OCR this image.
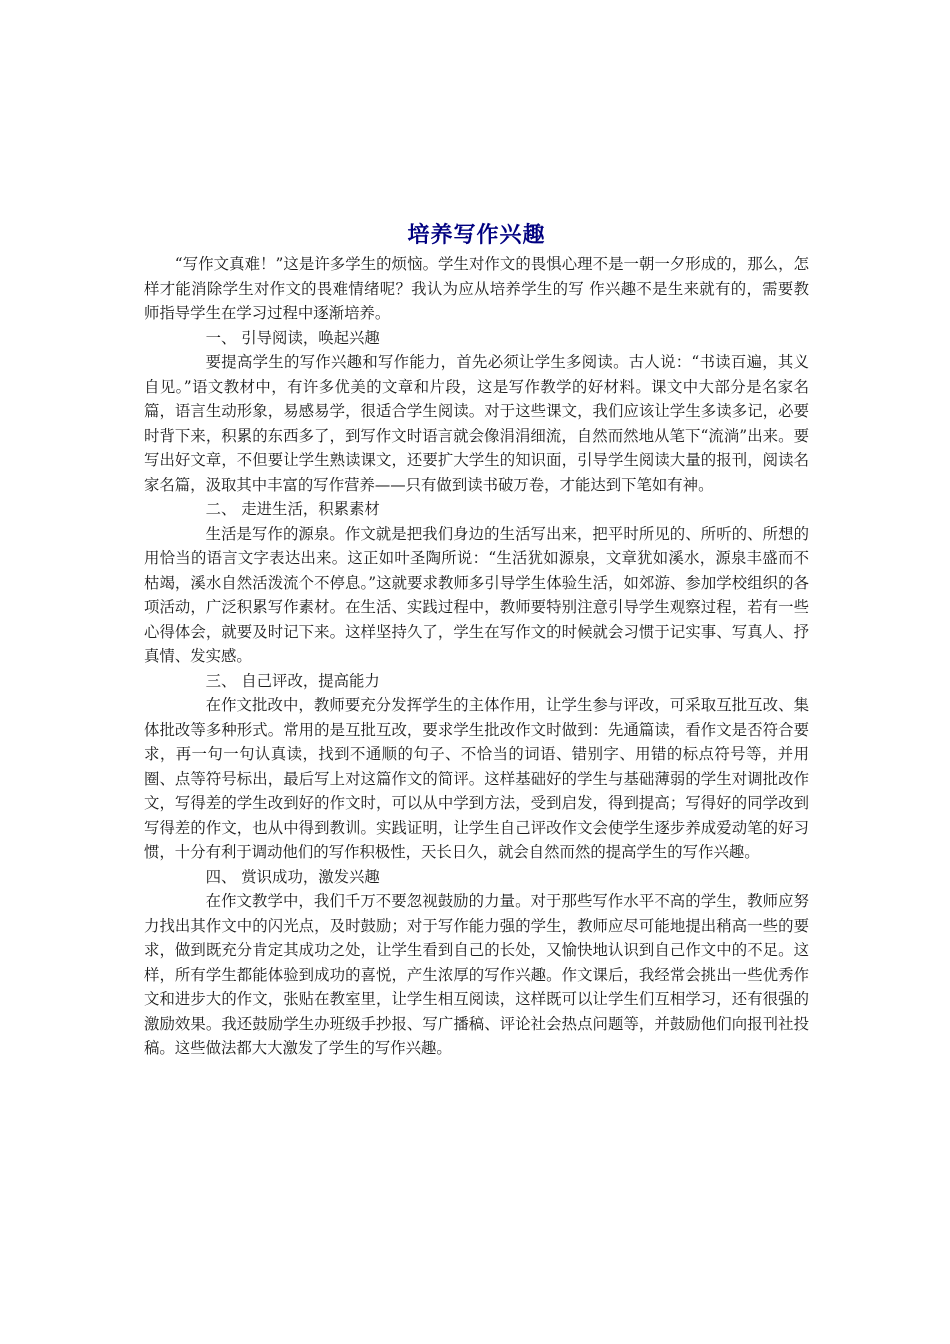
培养写作兴趣

“写作文真难！”这是许多学生的烦恼。学生对作文的畏惧心理不是一朝一夕形成的，那么，怎样才能消除学生对作文的畏难情绪呢？我认为应从培养学生的写 作兴趣不是生来就有的，需要教师指导学生在学习过程中逐渐培养。

一、 引导阅读，唤起兴趣

要提高学生的写作兴趣和写作能力，首先必须让学生多阅读。古人说：“书读百遍，其义自见。”语文教材中，有许多优美的文章和片段，这是写作教学的好材料。课文中大部分是名家名篇，语言生动形象，易感易学，很适合学生阅读。对于这些课文，我们应该让学生多读多记，必要时背下来，积累的东西多了，到写作文时语言就会像涓涓细流，自然而然地从笔下“流淌”出来。要写出好文章，不但要让学生熟读课文，还要扩大学生的知识面，引导学生阅读大量的报刊，阅读名家名篇，汲取其中丰富的写作营养——只有做到读书破万卷，才能达到下笔如有神。

二、 走进生活，积累素材

生活是写作的源泉。作文就是把我们身边的生活写出来，把平时所见的、所听的、所想的用恰当的语言文字表达出来。这正如叶圣陶所说：“生活犹如源泉，文章犹如溪水，源泉丰盛而不枯竭，溪水自然活泼流个不停息。”这就要求教师多引导学生体验生活，如郊游、参加学校组织的各项活动，广泛积累写作素材。在生活、实践过程中，教师要特别注意引导学生观察过程，若有一些心得体会，就要及时记下来。这样坚持久了，学生在写作文的时候就会习惯于记实事、写真人、抒真情、发实感。

三、 自己评改，提高能力

在作文批改中，教师要充分发挥学生的主体作用，让学生参与评改，可采取互批互改、集体批改等多种形式。常用的是互批互改，要求学生批改作文时做到：先通篇读，看作文是否符合要求，再一句一句认真读，找到不通顺的句子、不恰当的词语、错别字、用错的标点符号等，并用圈、点等符号标出，最后写上对这篇作文的简评。这样基础好的学生与基础薄弱的学生对调批改作文，写得差的学生改到好的作文时，可以从中学到方法，受到启发，得到提高；写得好的同学改到写得差的作文，也从中得到教训。实践证明，让学生自己评改作文会使学生逐步养成爱动笔的好习惯，十分有利于调动他们的写作积极性，天长日久，就会自然而然的提高学生的写作兴趣。

四、 赏识成功，激发兴趣

在作文教学中，我们千万不要忽视鼓励的力量。对于那些写作水平不高的学生，教师应努力找出其作文中的闪光点，及时鼓励；对于写作能力强的学生，教师应尽可能地提出稍高一些的要求，做到既充分肯定其成功之处，让学生看到自己的长处，又愉快地认识到自己作文中的不足。这样，所有学生都能体验到成功的喜悦，产生浓厚的写作兴趣。作文课后，我经常会挑出一些优秀作文和进步大的作文，张贴在教室里，让学生相互阅读，这样既可以让学生们互相学习，还有很强的激励效果。我还鼓励学生办班级手抄报、写广播稿、评论社会热点问题等，并鼓励他们向报刊社投稿。这些做法都大大激发了学生的写作兴趣。
